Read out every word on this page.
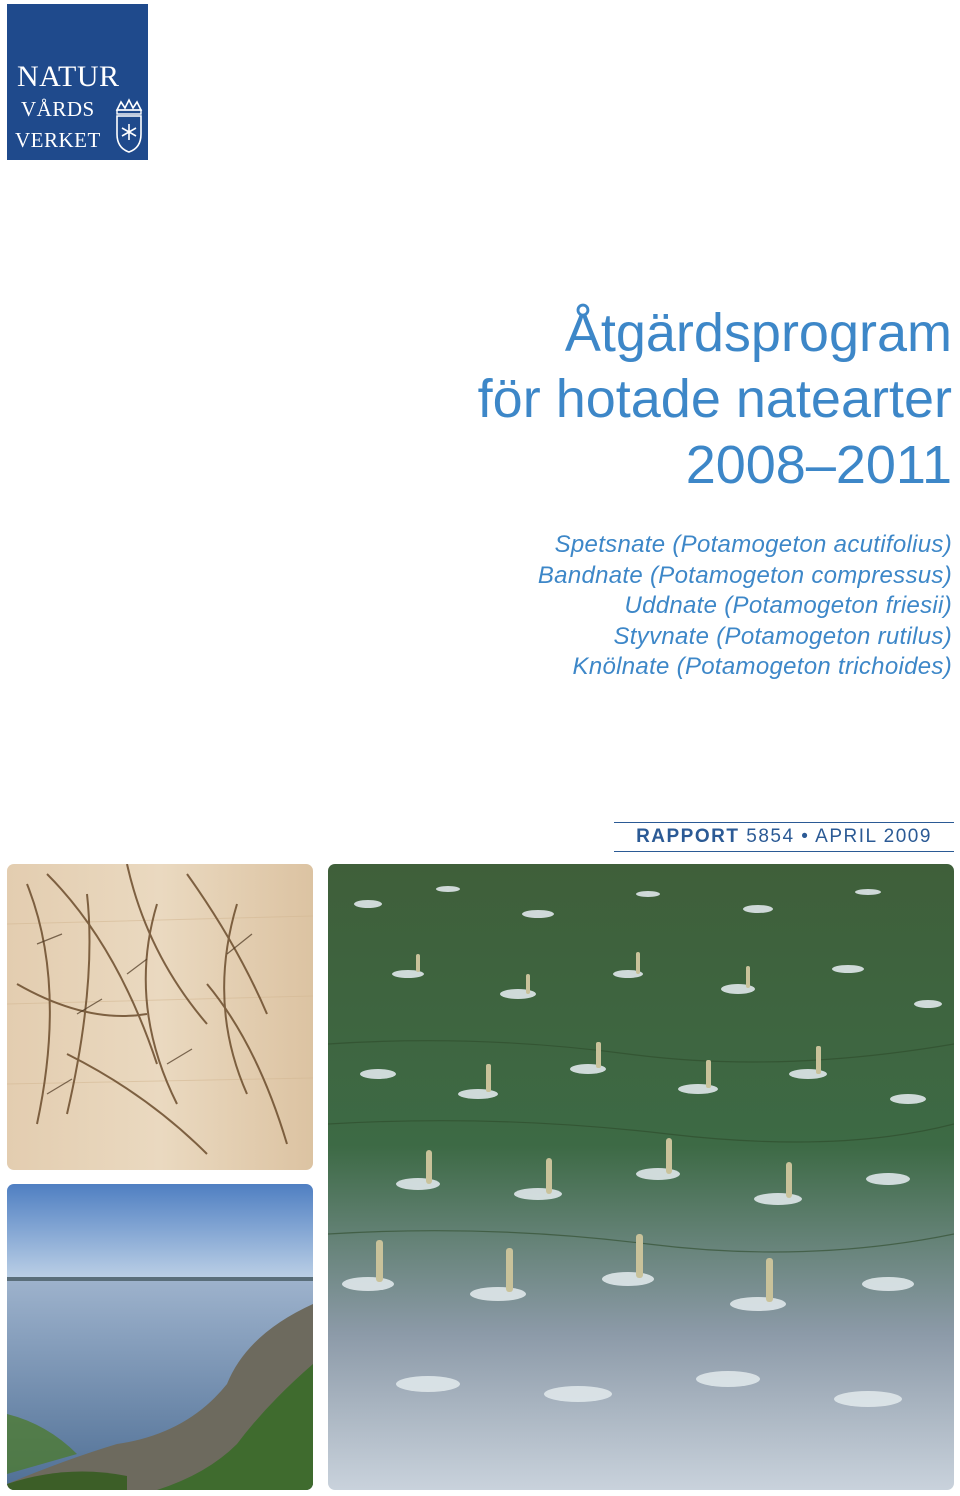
NATUR
VÅRDS
VERKET
Åtgärdsprogram
för hotade natearter
2008–2011
Spetsnate (Potamogeton acutifolius)
Bandnate (Potamogeton compressus)
Uddnate (Potamogeton friesii)
Styvnate (Potamogeton rutilus)
Knölnate (Potamogeton trichoides)
RAPPORT 5854 • APRIL 2009
